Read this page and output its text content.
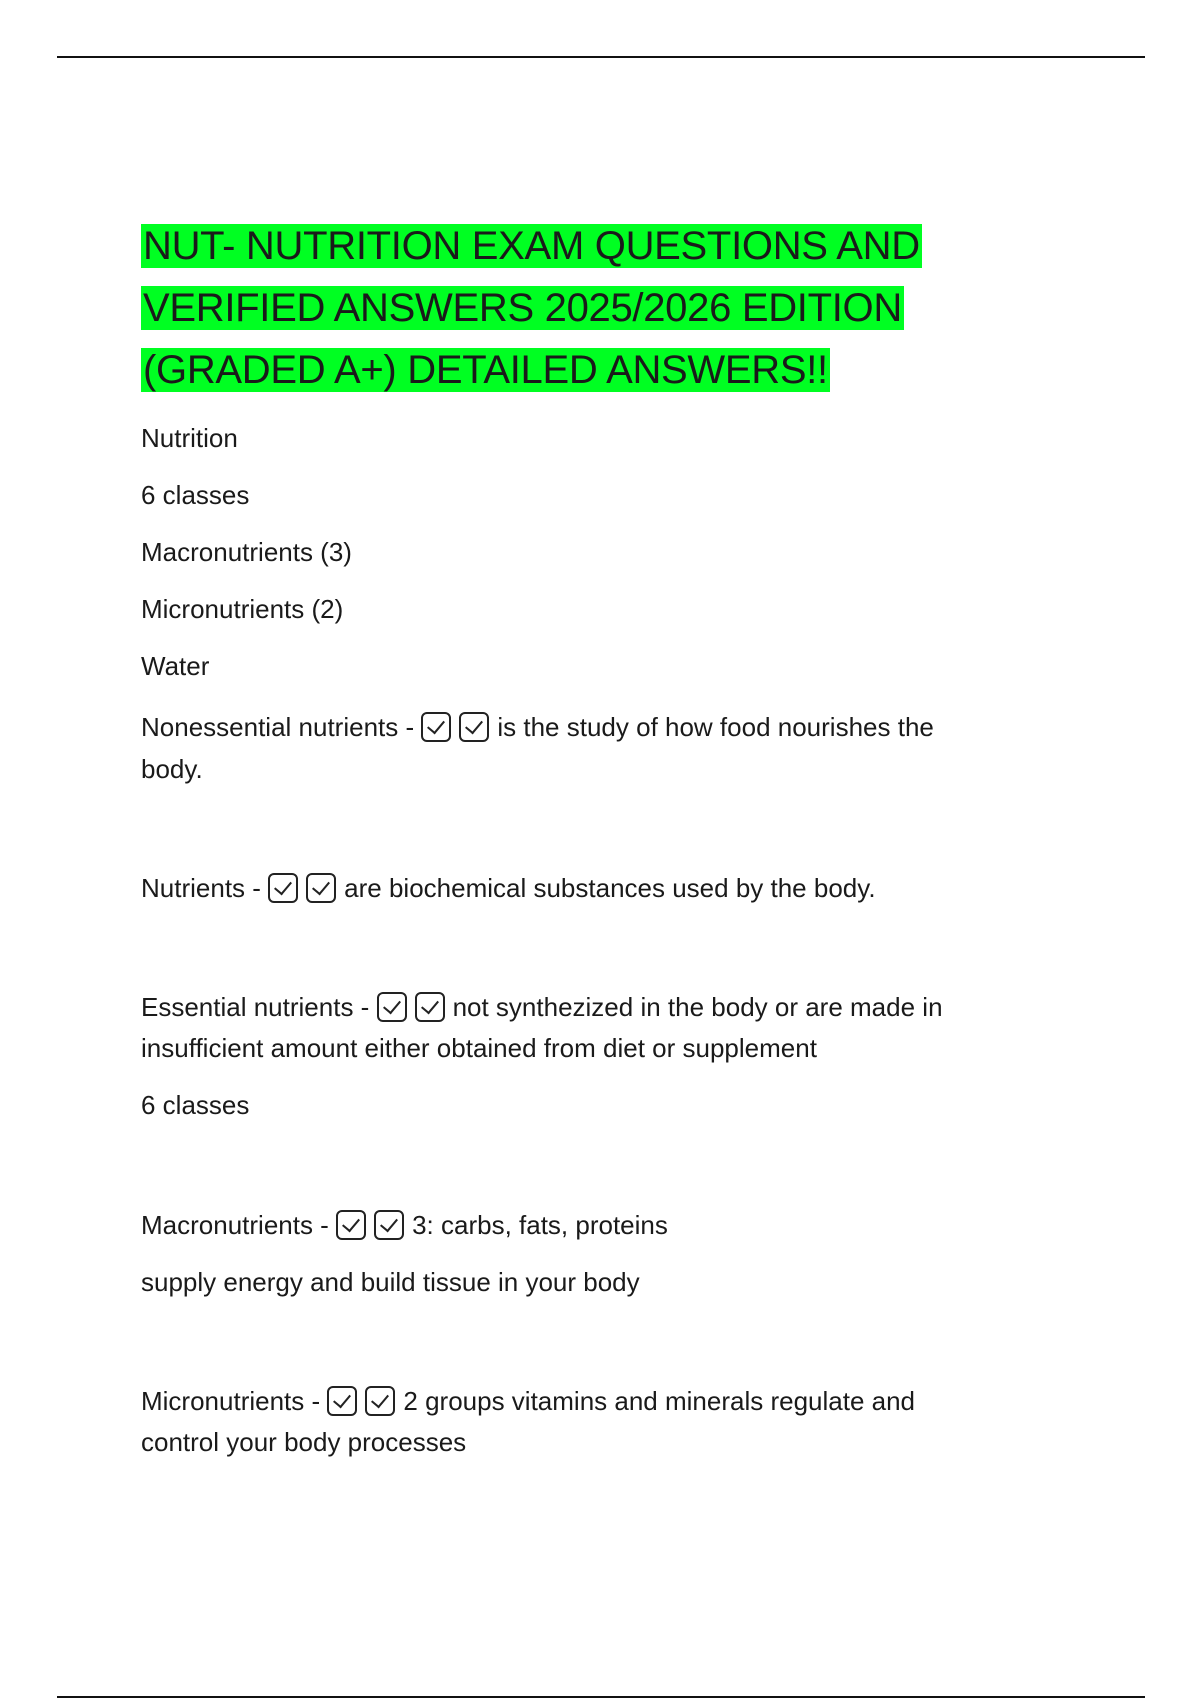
NUT- NUTRITION EXAM QUESTIONS AND
VERIFIED ANSWERS 2025/2026 EDITION
(GRADED A+) DETAILED ANSWERS!!

Nutrition

6 classes

Macronutrients (3)

Micronutrients (2)

Water

Nonessential nutrients -	is the study of how food nourishes the

body.

Nutrients -	are biochemical substances used by the body.

Essential nutrients -	not synthezized in the body or are made in

insufficient amount either obtained from diet or supplement

6 classes

Macronutrients -	3: carbs, fats, proteins

supply energy and build tissue in your body

Micronutrients -	2 groups vitamins and minerals regulate and

control your body processes
